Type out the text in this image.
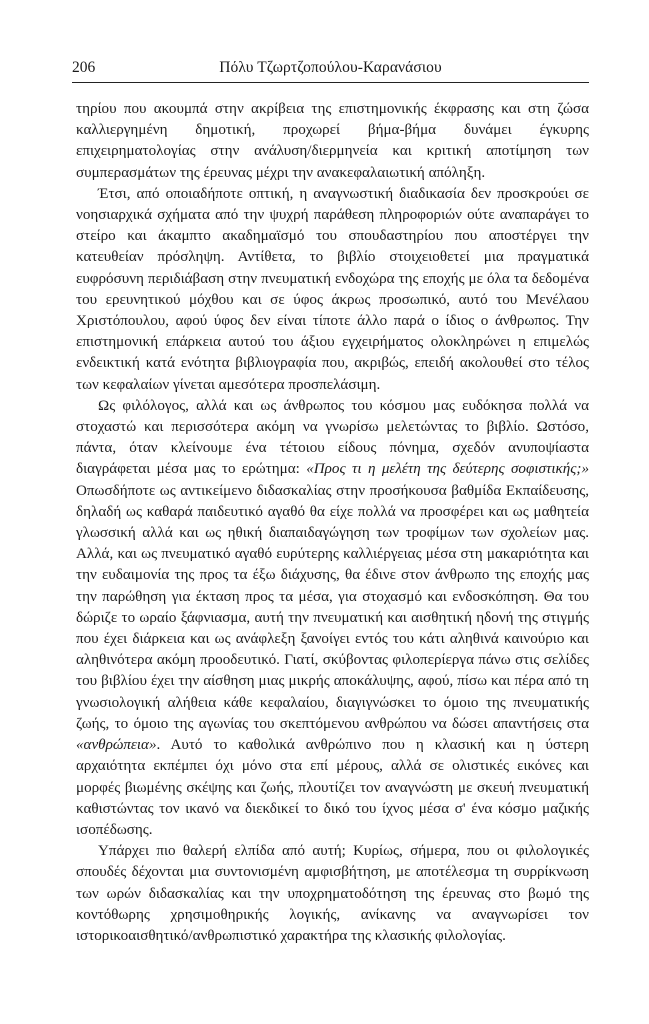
206	Πόλυ Τζωρτζοπούλου-Καρανάσιου

τηρίου που ακουμπά στην ακρίβεια της επιστημονικής έκφρασης και στη ζώσα καλλιεργημένη δημοτική, προχωρεί βήμα-βήμα δυνάμει έγκυρης επιχειρηματολογίας στην ανάλυση/διερμηνεία και κριτική αποτίμηση των συμπερασμάτων της έρευνας μέχρι την ανακεφαλαιωτική απόληξη.

Έτσι, από οποιαδήποτε οπτική, η αναγνωστική διαδικασία δεν προσκρούει σε νοησιαρχικά σχήματα από την ψυχρή παράθεση πληροφοριών ούτε αναπαράγει το στείρο και άκαμπτο ακαδημαϊσμό του σπουδαστηρίου που αποστέργει την κατευθείαν πρόσληψη. Αντίθετα, το βιβλίο στοιχειοθετεί μια πραγματικά ευφρόσυνη περιδιάβαση στην πνευματική ενδοχώρα της εποχής με όλα τα δεδομένα του ερευνητικού μόχθου και σε ύφος άκρως προσωπικό, αυτό του Μενέλαου Χριστόπουλου, αφού ύφος δεν είναι τίποτε άλλο παρά ο ίδιος ο άνθρωπος. Την επιστημονική επάρκεια αυτού του άξιου εγχειρήματος ολοκληρώνει η επιμελώς ενδεικτική κατά ενότητα βιβλιογραφία που, ακριβώς, επειδή ακολουθεί στο τέλος των κεφαλαίων γίνεται αμεσότερα προσπελάσιμη.

Ως φιλόλογος, αλλά και ως άνθρωπος του κόσμου μας ευδόκησα πολλά να στοχαστώ και περισσότερα ακόμη να γνωρίσω μελετώντας το βιβλίο. Ωστόσο, πάντα, όταν κλείνουμε ένα τέτοιου είδους πόνημα, σχεδόν ανυποψίαστα διαγράφεται μέσα μας το ερώτημα: «Προς τι η μελέτη της δεύτερης σοφιστικής;» Οπωσδήποτε ως αντικείμενο διδασκαλίας στην προσήκουσα βαθμίδα Εκπαίδευσης, δηλαδή ως καθαρά παιδευτικό αγαθό θα είχε πολλά να προσφέρει και ως μαθητεία γλωσσική αλλά και ως ηθική διαπαιδαγώγηση των τροφίμων των σχολείων μας. Αλλά, και ως πνευματικό αγαθό ευρύτερης καλλιέργειας μέσα στη μακαριότητα και την ευδαιμονία της προς τα έξω διάχυσης, θα έδινε στον άνθρωπο της εποχής μας την παρώθηση για έκταση προς τα μέσα, για στοχασμό και ενδοσκόπηση. Θα του δώριζε το ωραίο ξάφνιασμα, αυτή την πνευματική και αισθητική ηδονή της στιγμής που έχει διάρκεια και ως ανάφλεξη ξανοίγει εντός του κάτι αληθινά καινούριο και αληθινότερα ακόμη προοδευτικό. Γιατί, σκύβοντας φιλοπερίεργα πάνω στις σελίδες του βιβλίου έχει την αίσθηση μιας μικρής αποκάλυψης, αφού, πίσω και πέρα από τη γνωσιολογική αλήθεια κάθε κεφαλαίου, διαγιγνώσκει το όμοιο της πνευματικής ζωής, το όμοιο της αγωνίας του σκεπτόμενου ανθρώπου να δώσει απαντήσεις στα «ανθρώπεια». Αυτό το καθολικά ανθρώπινο που η κλασική και η ύστερη αρχαιότητα εκπέμπει όχι μόνο στα επί μέρους, αλλά σε ολιστικές εικόνες και μορφές βιωμένης σκέψης και ζωής, πλουτίζει τον αναγνώστη με σκευή πνευματική καθιστώντας τον ικανό να διεκδικεί το δικό του ίχνος μέσα σ' ένα κόσμο μαζικής ισοπέδωσης.

Υπάρχει πιο θαλερή ελπίδα από αυτή; Κυρίως, σήμερα, που οι φιλολογικές σπουδές δέχονται μια συντονισμένη αμφισβήτηση, με αποτέλεσμα τη συρρίκνωση των ωρών διδασκαλίας και την υποχρηματοδότηση της έρευνας στο βωμό της κοντόθωρης χρησιμοθηρικής λογικής, ανίκανης να αναγνωρίσει τον ιστορικοαισθητικό/ανθρωπιστικό χαρακτήρα της κλασικής φιλολογίας.
